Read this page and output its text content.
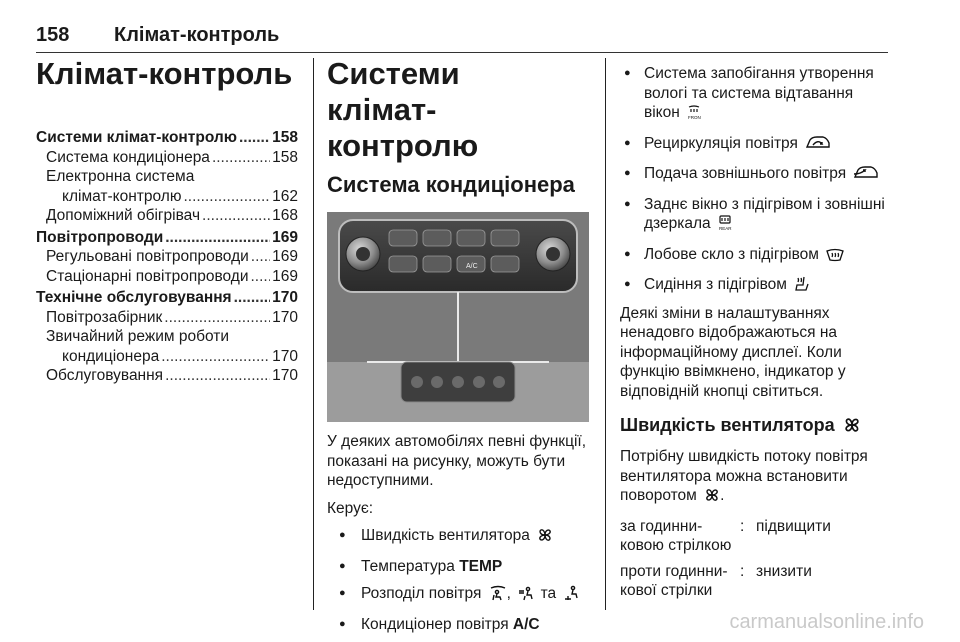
158 Клімат-контроль
Клімат-контроль
Системи клімат-контролю ..... 158
Система кондиціонера .....	158
Електронна система
клімат-контролю .....	162
Допоміжний обігрівач .....	168
Повітропроводи .....	169
Регульовані повітропроводи ..... 169
Стаціонарні повітропроводи ..... 169
Технічне обслуговування .....	170
Повітрозабірник .....	170
Звичайний режим роботи
кондиціонера .....	170
Обслуговування .....	170
Системи клімат-контролю
Система кондиціонера
A/C

У деяких автомобілях певні функції, показані на рисунку, можуть бути недоступними.

Керує:

● Швидкість вентилятора
● Температура TEMP
● Розподіл повітря ,  та
● Кондиціонер повітря A/C
● Система запобігання утворення вологі та система відтавання вікон FRON
● Рециркуляція повітря
● Подача зовнішнього повітря
● Заднє вікно з підігрівом і зовнішні дзеркала REAR
● Лобове скло з підігрівом
● Сидіння з підігрівом

Деякі зміни в налаштуваннях ненадовго відображаються на інформаційному дисплеї. Коли функцію ввімкнено, індикатор у відповідній кнопці світиться.

Швидкість вентилятора

Потрібну швидкість потоку повітря вентилятора можна встановити поворотом .

за годинни-ковою стрілкою	:	підвищити
проти годинни-кової стрілки	:	знизити
carmanualsonline.info
